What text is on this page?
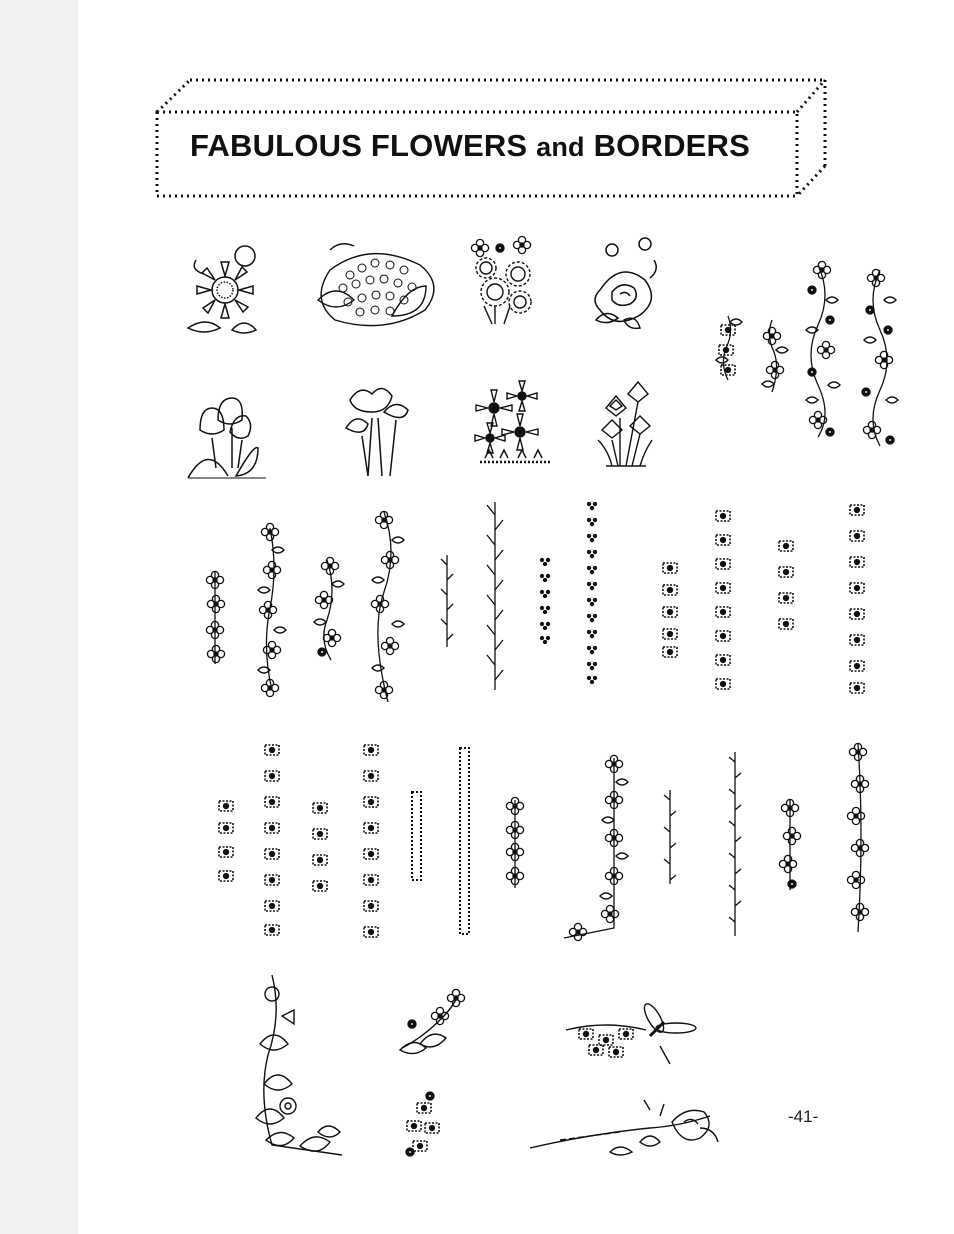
FABULOUS FLOWERS and BORDERS
-41-
